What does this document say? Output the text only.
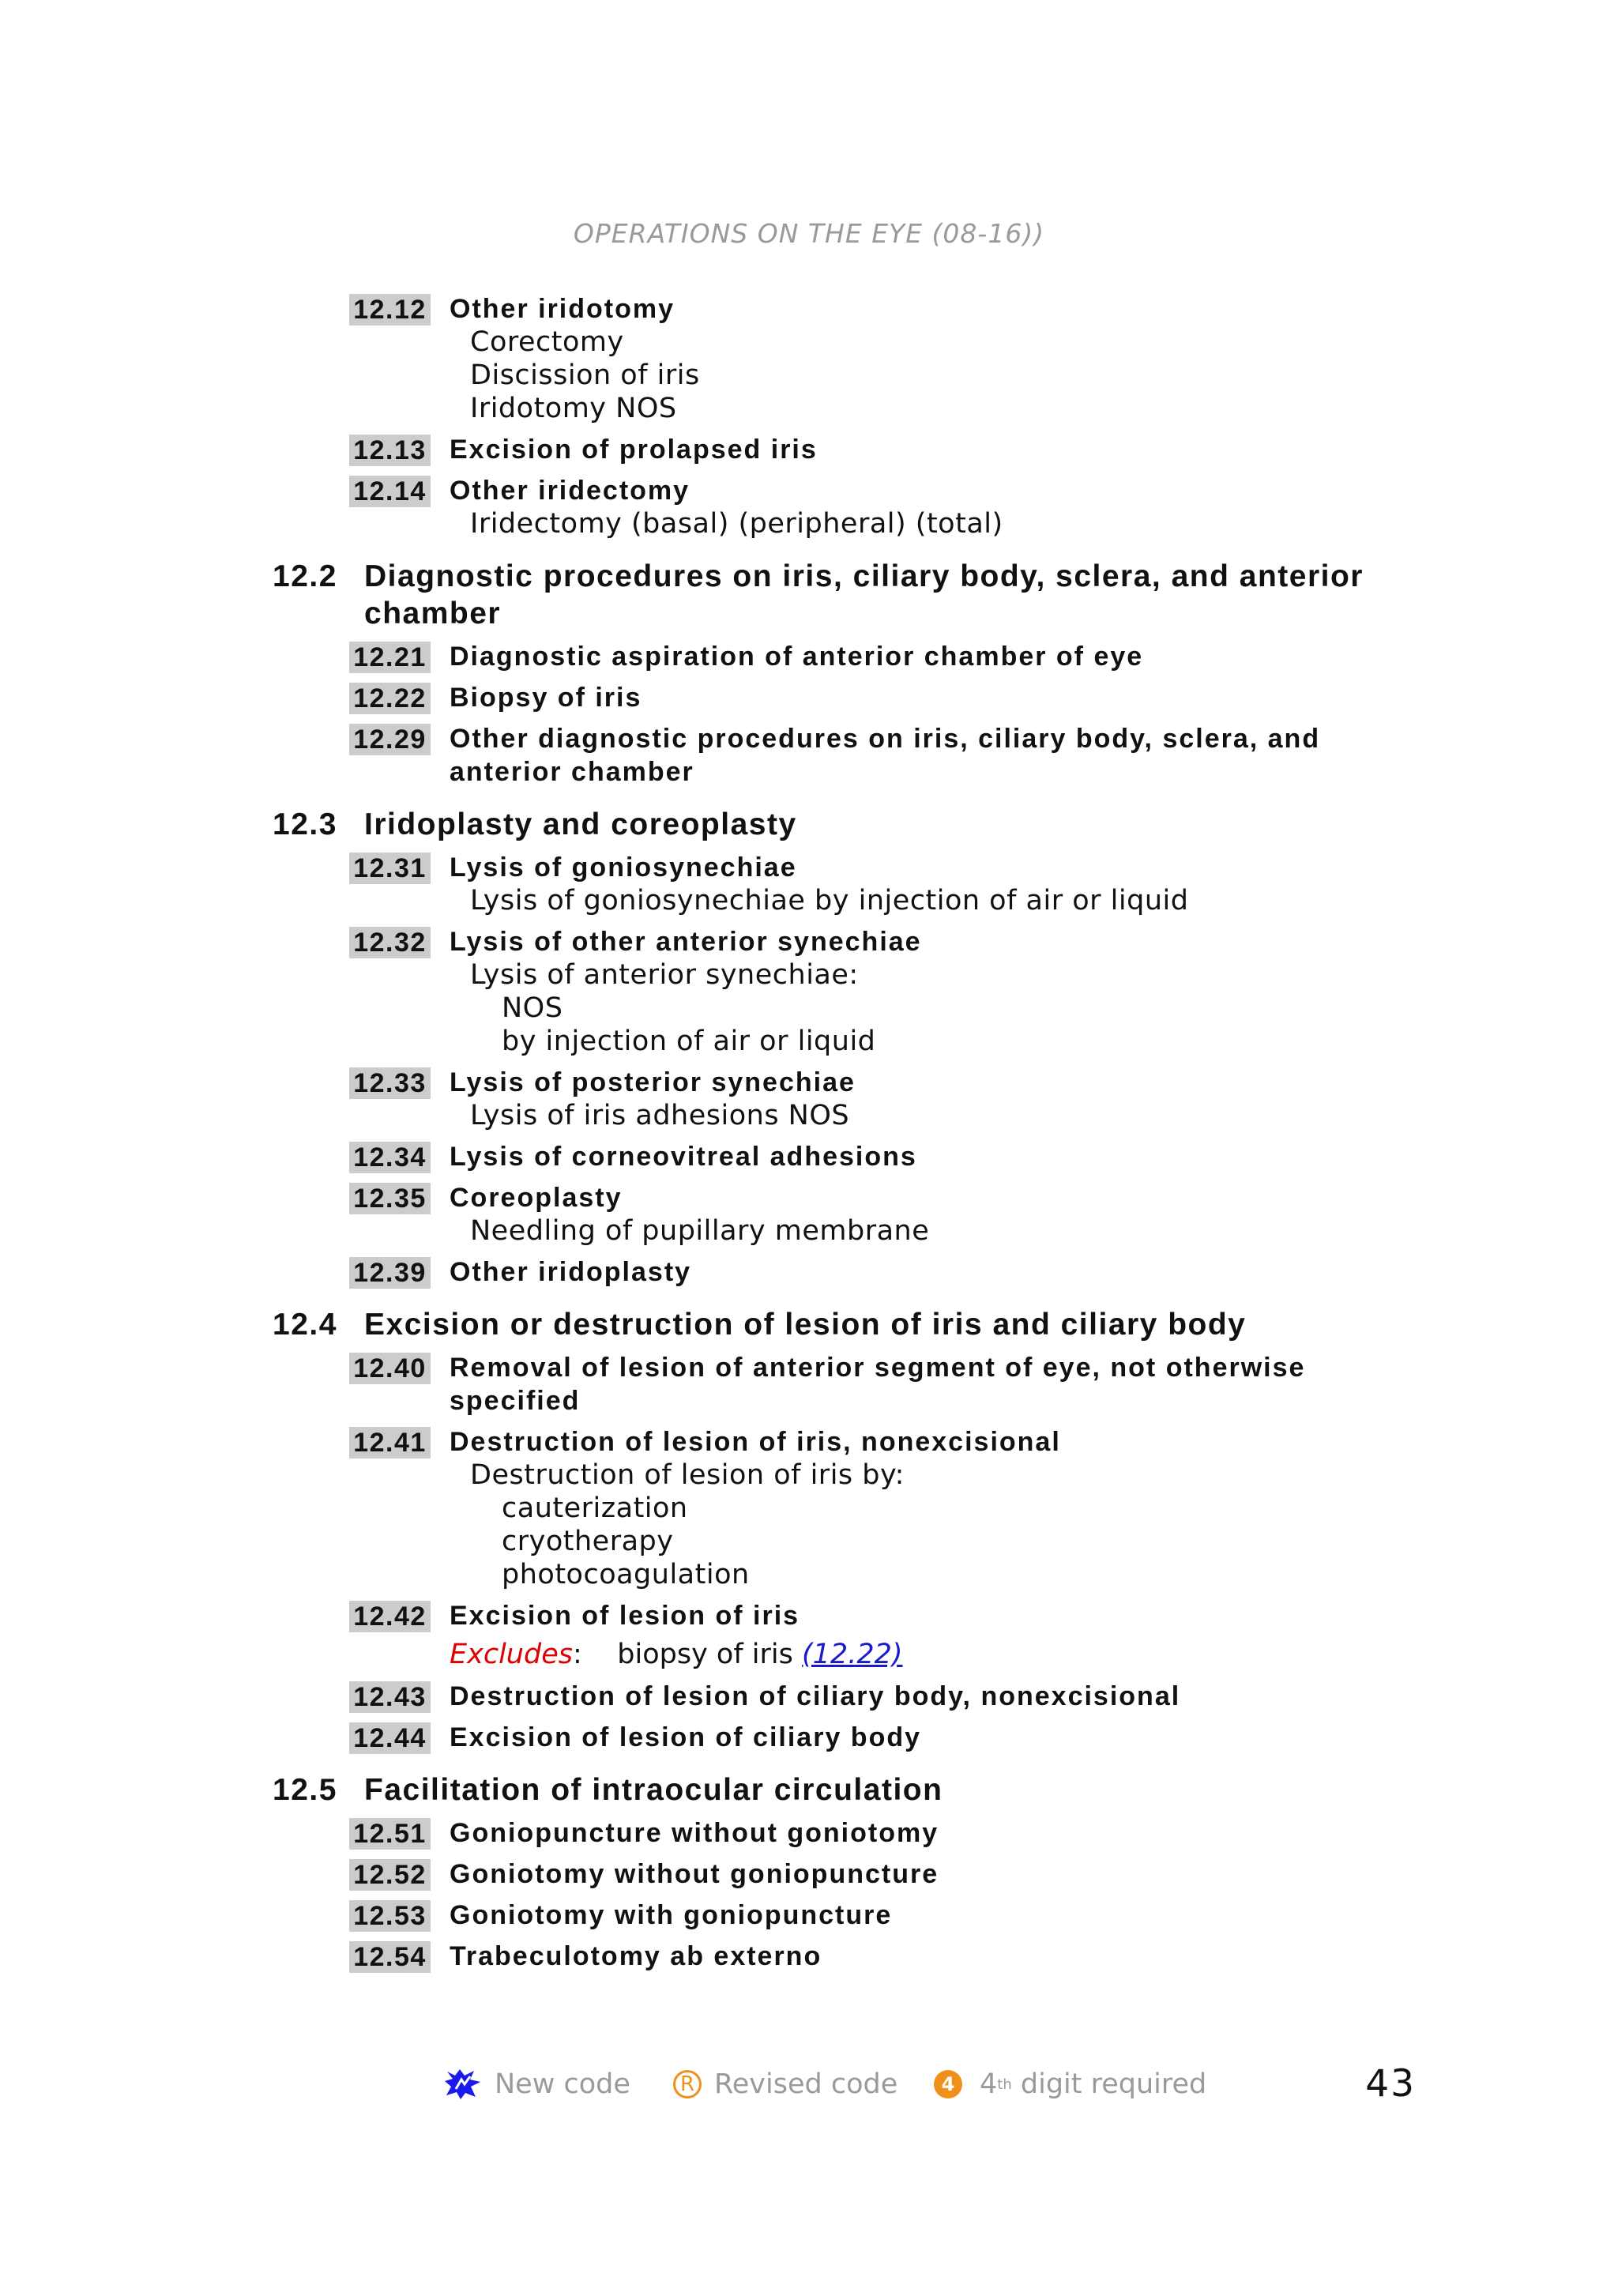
OPERATIONS ON THE EYE (08-16))
12.12 Other iridotomy
Corectomy
Discission of iris
Iridotomy NOS
12.13 Excision of prolapsed iris
12.14 Other iridectomy
Iridectomy (basal) (peripheral) (total)
12.2 Diagnostic procedures on iris, ciliary body, sclera, and anterior chamber
12.21 Diagnostic aspiration of anterior chamber of eye
12.22 Biopsy of iris
12.29 Other diagnostic procedures on iris, ciliary body, sclera, and anterior chamber
12.3 Iridoplasty and coreoplasty
12.31 Lysis of goniosynechiae
Lysis of goniosynechiae by injection of air or liquid
12.32 Lysis of other anterior synechiae
Lysis of anterior synechiae:
NOS
by injection of air or liquid
12.33 Lysis of posterior synechiae
Lysis of iris adhesions NOS
12.34 Lysis of corneovitreal adhesions
12.35 Coreoplasty
Needling of pupillary membrane
12.39 Other iridoplasty
12.4 Excision or destruction of lesion of iris and ciliary body
12.40 Removal of lesion of anterior segment of eye, not otherwise specified
12.41 Destruction of lesion of iris, nonexcisional
Destruction of lesion of iris by:
cauterization
cryotherapy
photocoagulation
12.42 Excision of lesion of iris
Excludes: biopsy of iris (12.22)
12.43 Destruction of lesion of ciliary body, nonexcisional
12.44 Excision of lesion of ciliary body
12.5 Facilitation of intraocular circulation
12.51 Goniopuncture without goniotomy
12.52 Goniotomy without goniopuncture
12.53 Goniotomy with goniopuncture
12.54 Trabeculotomy ab externo
New code	R Revised code	4 4 th
digit required	43
